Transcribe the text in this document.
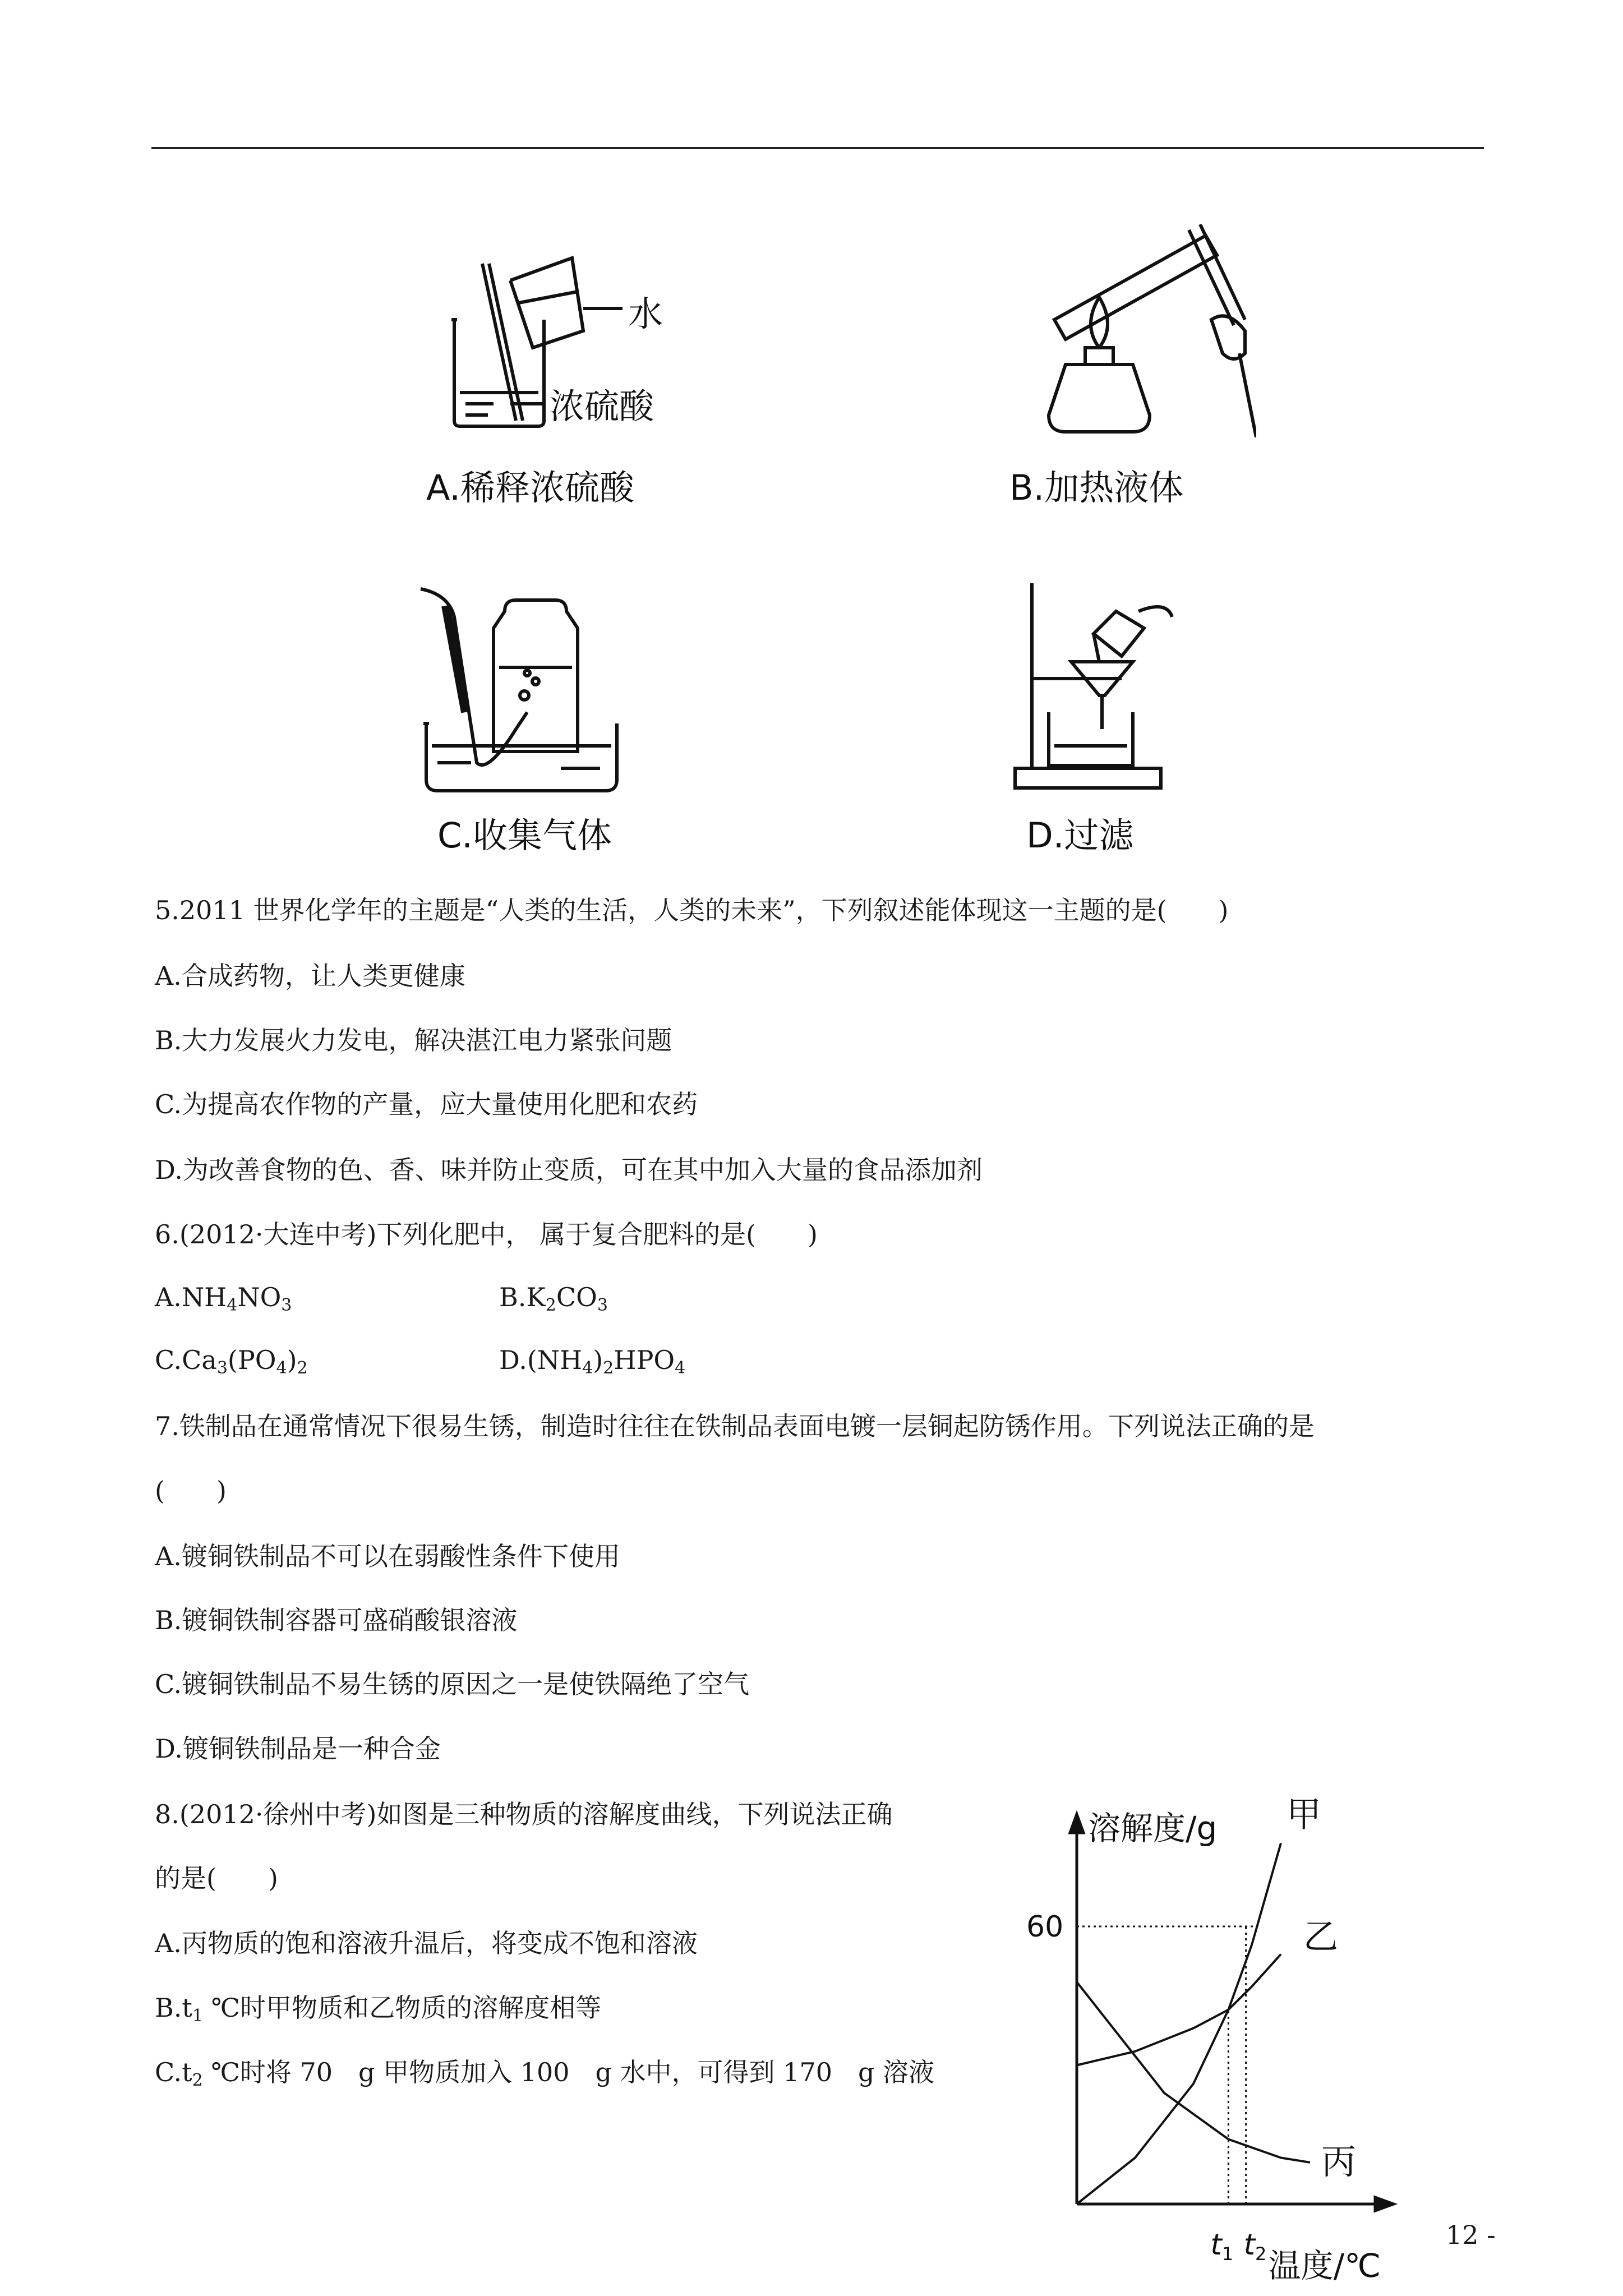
水
浓硫酸
A.稀释浓硫酸	B.加热液体
C.收集气体	D.过滤
5.2011 世界化学年的主题是“人类的生活，人类的未来”，下列叙述能体现这一主题的是(　　)
A.合成药物，让人类更健康
B.大力发展火力发电，解决湛江电力紧张问题
C.为提高农作物的产量，应大量使用化肥和农药
D.为改善食物的色、香、味并防止变质，可在其中加入大量的食品添加剂
6.(2012·大连中考)下列化肥中， 属于复合肥料的是(　　)
$A.NH_4NO_3$	$B.K_2CO_3$
$C.Ca_3(PO_4)_2$	$D.(NH_4)_2HPO_4$
7.铁制品在通常情况下很易生锈，制造时往往在铁制品表面电镀一层铜起防锈作用。下列说法正确的是
(　　)
A.镀铜铁制品不可以在弱酸性条件下使用
B.镀铜铁制容器可盛硝酸银溶液
C.镀铜铁制品不易生锈的原因之一是使铁隔绝了空气
D.镀铜铁制品是一种合金
8.(2012·徐州中考)如图是三种物质的溶解度曲线，下列说法正确
的是(　　)
A.丙物质的饱和溶液升温后，将变成不饱和溶液
$B.t_1$ ℃时甲物质和乙物质的溶解度相等
$C.t_2$ ℃时将 70　g 甲物质加入 100　g 水中，可得到 170　g 溶液
甲
乙
丙
溶解度/g
温度/℃
60
t1 t2
12 -
